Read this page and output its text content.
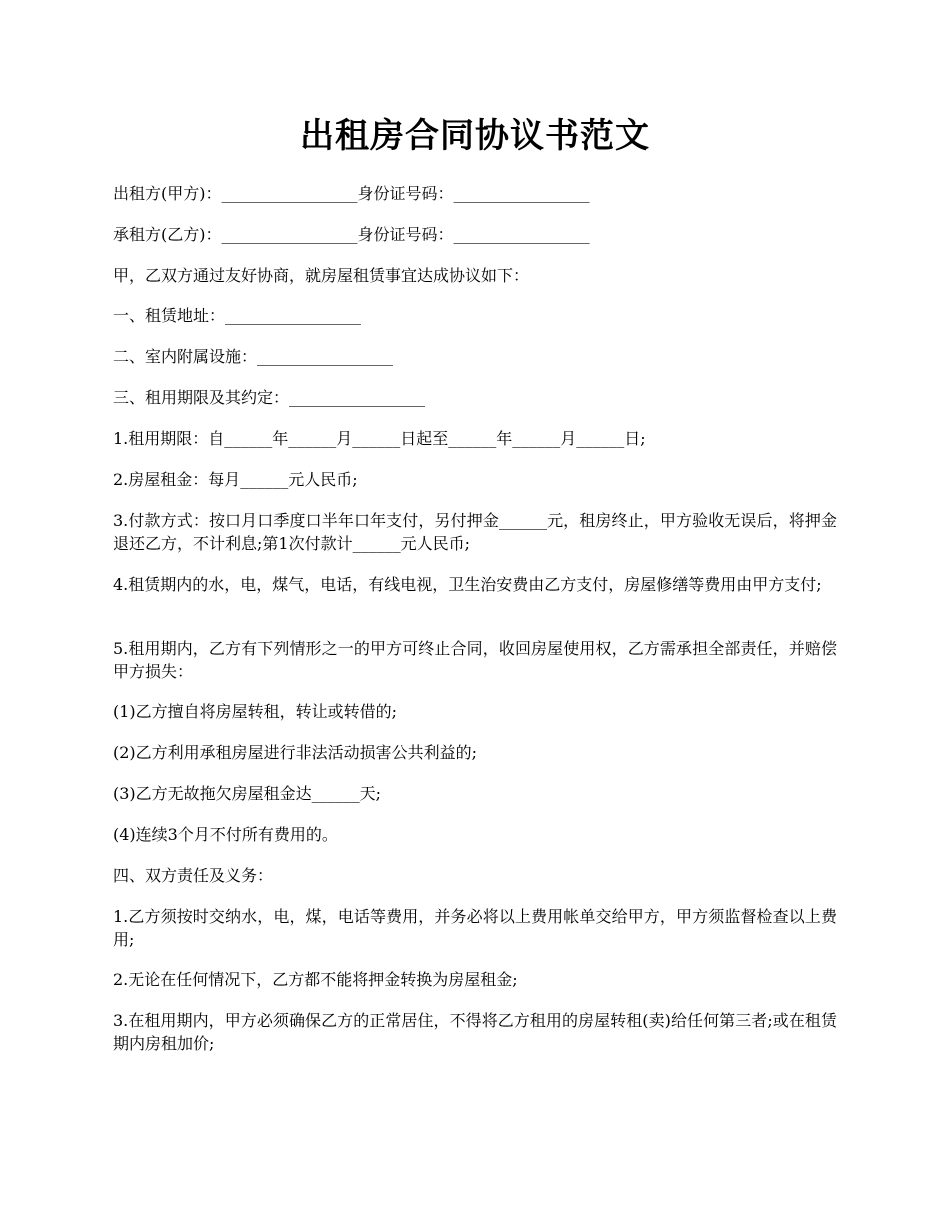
出租房合同协议书范文

出租方(甲方)：_________________身份证号码：_________________

承租方(乙方)：_________________身份证号码：_________________

甲，乙双方通过友好协商，就房屋租赁事宜达成协议如下：

一、租赁地址：_________________

二、室内附属设施：_________________

三、租用期限及其约定：_________________

1.租用期限：自______年______月______日起至______年______月______日;

2.房屋租金：每月______元人民币;

3.付款方式：按口月口季度口半年口年支付，另付押金______元，租房终止，甲方验收无误后，将押金退还乙方，不计利息;第1次付款计______元人民币;

4.租赁期内的水，电，煤气，电话，有线电视，卫生治安费由乙方支付，房屋修缮等费用由甲方支付;

5.租用期内，乙方有下列情形之一的甲方可终止合同，收回房屋使用权，乙方需承担全部责任，并赔偿甲方损失：

(1)乙方擅自将房屋转租，转让或转借的;

(2)乙方利用承租房屋进行非法活动损害公共利益的;

(3)乙方无故拖欠房屋租金达______天;

(4)连续3个月不付所有费用的。

四、双方责任及义务：

1.乙方须按时交纳水，电，煤，电话等费用，并务必将以上费用帐单交给甲方，甲方须监督检查以上费用;

2.无论在任何情况下，乙方都不能将押金转换为房屋租金;

3.在租用期内，甲方必须确保乙方的正常居住，不得将乙方租用的房屋转租(卖)给任何第三者;或在租赁期内房租加价;
